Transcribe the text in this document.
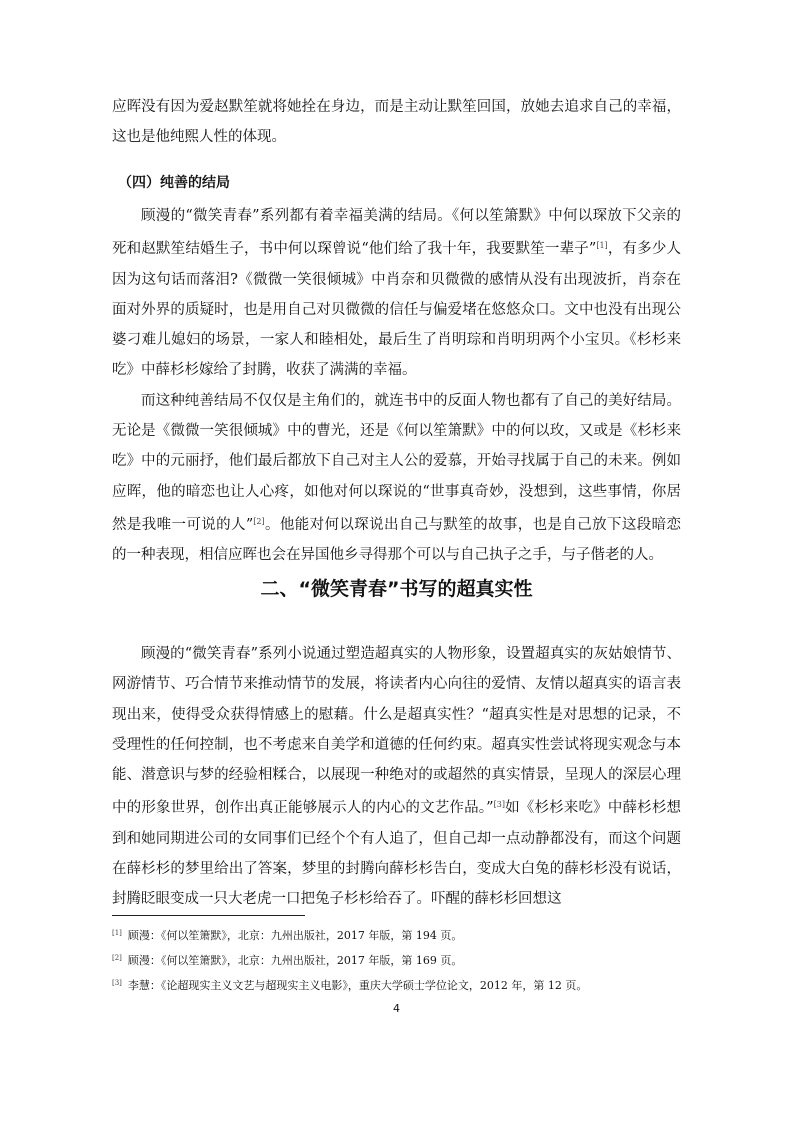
应晖没有因为爱赵默笙就将她拴在身边，而是主动让默笙回国，放她去追求自己的幸福，这也是他纯熙人性的体现。

（四）纯善的结局

顾漫的“微笑青春”系列都有着幸福美满的结局。《何以笙箫默》中何以琛放下父亲的死和赵默笙结婚生子，书中何以琛曾说“他们给了我十年，我要默笙一辈子”[1]，有多少人因为这句话而落泪?《微微一笑很倾城》中肖奈和贝微微的感情从没有出现波折，肖奈在面对外界的质疑时，也是用自己对贝微微的信任与偏爱堵在悠悠众口。文中也没有出现公婆刁难儿媳妇的场景，一家人和睦相处，最后生了肖明琮和肖明玥两个小宝贝。《杉杉来吃》中薛杉杉嫁给了封腾，收获了满满的幸福。

而这种纯善结局不仅仅是主角们的，就连书中的反面人物也都有了自己的美好结局。无论是《微微一笑很倾城》中的曹光，还是《何以笙箫默》中的何以玫，又或是《杉杉来吃》中的元丽抒，他们最后都放下自己对主人公的爱慕，开始寻找属于自己的未来。例如应晖，他的暗恋也让人心疼，如他对何以琛说的“世事真奇妙，没想到，这些事情，你居然是我唯一可说的人”[2]。他能对何以琛说出自己与默笙的故事，也是自己放下这段暗恋的一种表现，相信应晖也会在异国他乡寻得那个可以与自己执子之手，与子偕老的人。

二、“微笑青春”书写的超真实性

顾漫的“微笑青春”系列小说通过塑造超真实的人物形象，设置超真实的灰姑娘情节、网游情节、巧合情节来推动情节的发展，将读者内心向往的爱情、友情以超真实的语言表现出来，使得受众获得情感上的慰藉。什么是超真实性？“超真实性是对思想的记录，不受理性的任何控制，也不考虑来自美学和道德的任何约束。超真实性尝试将现实观念与本能、潜意识与梦的经验相糅合，以展现一种绝对的或超然的真实情景，呈现人的深层心理中的形象世界，创作出真正能够展示人的内心的文艺作品。”[3]如《杉杉来吃》中薛杉杉想到和她同期进公司的女同事们已经个个有人追了，但自己却一点动静都没有，而这个问题在薛杉杉的梦里给出了答案，梦里的封腾向薛杉杉告白，变成大白兔的薛杉杉没有说话，封腾眨眼变成一只大老虎一口把兔子杉杉给吞了。吓醒的薛杉杉回想这

[1] 顾漫：《何以笙箫默》，北京：九州出版社，2017 年版，第 194 页。

[2] 顾漫：《何以笙箫默》，北京：九州出版社，2017 年版，第 169 页。

[3] 李慧：《论超现实主义文艺与超现实主义电影》，重庆大学硕士学位论文，2012 年，第 12 页。

4
